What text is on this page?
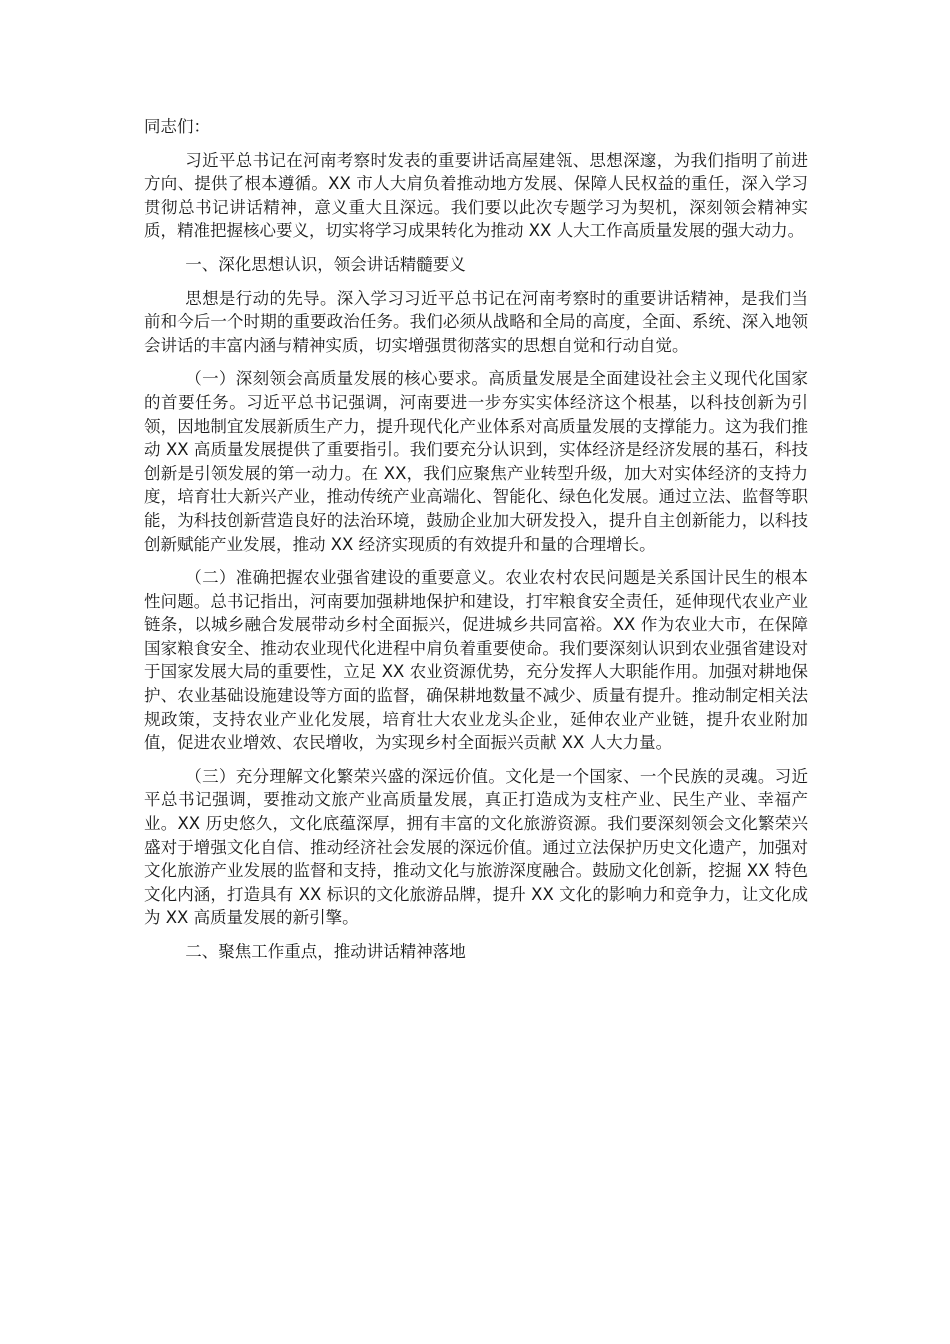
同志们：

习近平总书记在河南考察时发表的重要讲话高屋建瓴、思想深邃，为我们指明了前进方向、提供了根本遵循。XX 市人大肩负着推动地方发展、保障人民权益的重任，深入学习贯彻总书记讲话精神，意义重大且深远。我们要以此次专题学习为契机，深刻领会精神实质，精准把握核心要义，切实将学习成果转化为推动 XX 人大工作高质量发展的强大动力。

一、深化思想认识，领会讲话精髓要义

思想是行动的先导。深入学习习近平总书记在河南考察时的重要讲话精神，是我们当前和今后一个时期的重要政治任务。我们必须从战略和全局的高度，全面、系统、深入地领会讲话的丰富内涵与精神实质，切实增强贯彻落实的思想自觉和行动自觉。

（一）深刻领会高质量发展的核心要求。高质量发展是全面建设社会主义现代化国家的首要任务。习近平总书记强调，河南要进一步夯实实体经济这个根基，以科技创新为引领，因地制宜发展新质生产力，提升现代化产业体系对高质量发展的支撑能力。这为我们推动 XX 高质量发展提供了重要指引。我们要充分认识到，实体经济是经济发展的基石，科技创新是引领发展的第一动力。在 XX，我们应聚焦产业转型升级，加大对实体经济的支持力度，培育壮大新兴产业，推动传统产业高端化、智能化、绿色化发展。通过立法、监督等职能，为科技创新营造良好的法治环境，鼓励企业加大研发投入，提升自主创新能力，以科技创新赋能产业发展，推动 XX 经济实现质的有效提升和量的合理增长。

（二）准确把握农业强省建设的重要意义。农业农村农民问题是关系国计民生的根本性问题。总书记指出，河南要加强耕地保护和建设，打牢粮食安全责任，延伸现代农业产业链条，以城乡融合发展带动乡村全面振兴，促进城乡共同富裕。XX 作为农业大市，在保障国家粮食安全、推动农业现代化进程中肩负着重要使命。我们要深刻认识到农业强省建设对于国家发展大局的重要性，立足 XX 农业资源优势，充分发挥人大职能作用。加强对耕地保护、农业基础设施建设等方面的监督，确保耕地数量不减少、质量有提升。推动制定相关法规政策，支持农业产业化发展，培育壮大农业龙头企业，延伸农业产业链，提升农业附加值，促进农业增效、农民增收，为实现乡村全面振兴贡献 XX 人大力量。

（三）充分理解文化繁荣兴盛的深远价值。文化是一个国家、一个民族的灵魂。习近平总书记强调，要推动文旅产业高质量发展，真正打造成为支柱产业、民生产业、幸福产业。XX 历史悠久，文化底蕴深厚，拥有丰富的文化旅游资源。我们要深刻领会文化繁荣兴盛对于增强文化自信、推动经济社会发展的深远价值。通过立法保护历史文化遗产，加强对文化旅游产业发展的监督和支持，推动文化与旅游深度融合。鼓励文化创新，挖掘 XX 特色文化内涵，打造具有 XX 标识的文化旅游品牌，提升 XX 文化的影响力和竞争力，让文化成为 XX 高质量发展的新引擎。

二、聚焦工作重点，推动讲话精神落地
